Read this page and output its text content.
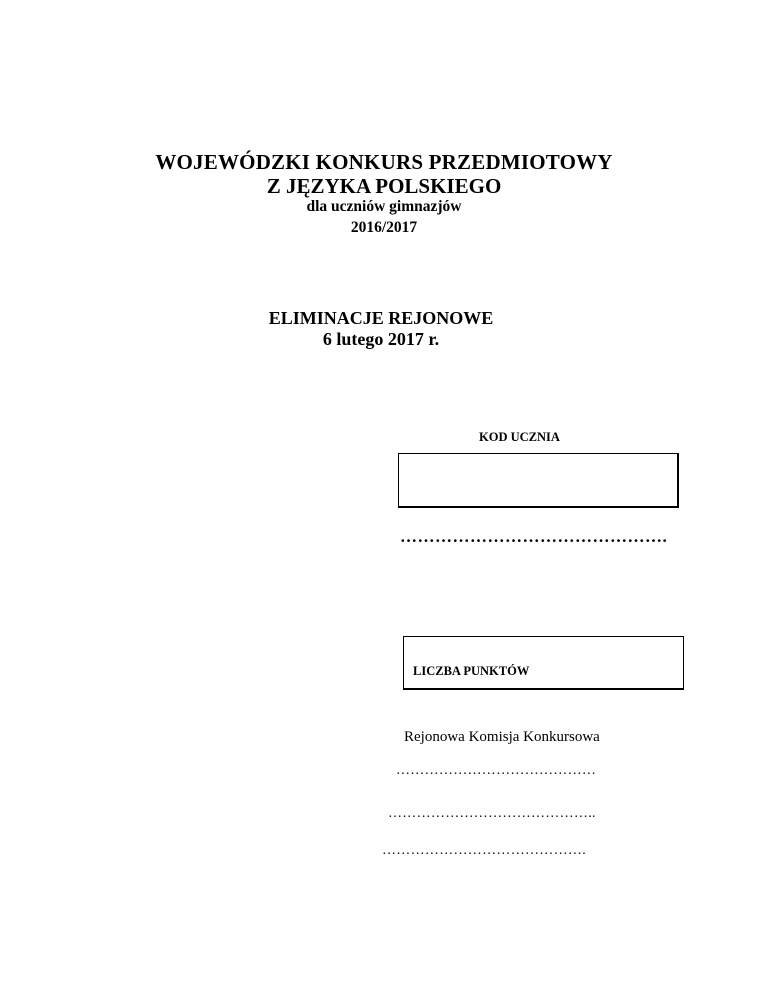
WOJEWÓDZKI KONKURS PRZEDMIOTOWY
Z JĘZYKA POLSKIEGO
dla uczniów gimnazjów
2016/2017
ELIMINACJE REJONOWE
6 lutego 2017 r.
KOD UCZNIA
……………………………………….
LICZBA PUNKTÓW
Rejonowa Komisja Konkursowa
……………………………………
……………………………………..
…………………………………….
